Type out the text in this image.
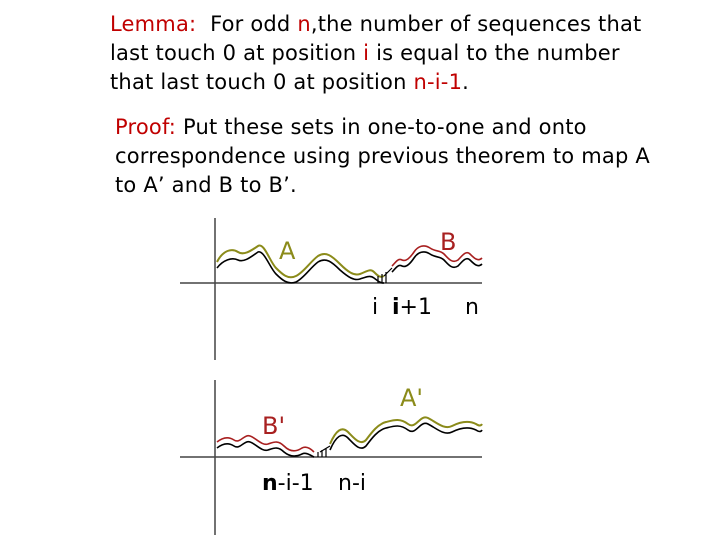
Lemma:  For odd n,the number of sequences that last touch 0 at position i is equal to the number that last touch 0 at position n-i-1.
Proof: Put these sets in one-to-one and onto correspondence using previous theorem to map A to A’ and B to B’.
A	B
i i+1 n
B'
A'
n-i-1 n-i
